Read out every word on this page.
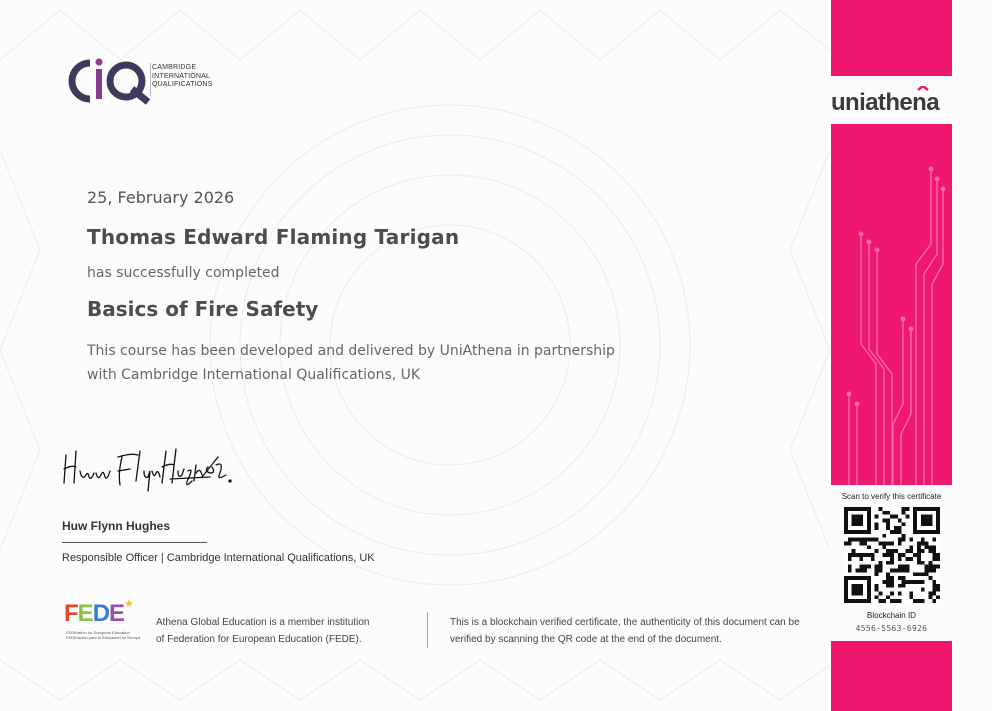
CAMBRIDGE
INTERNATIONAL
QUALIFICATIONS
25, February 2026
Thomas Edward Flaming Tarigan
has successfully completed
Basics of Fire Safety
This course has been developed and delivered by UniAthena in partnership
with Cambridge International Qualifications, UK
Huw Flynn Hughes
Responsible Officer | Cambridge International Qualifications, UK
FEDE ★
FEDEration for European Education
FEDEración para la Educación en Europa
Athena Global Education is a member institution
of Federation for European Education (FEDE).
This is a blockchain verified certificate, the authenticity of this document can be
verified by scanning the QR code at the end of the document.
uniathena
Scan to verify this certificate
Blockchain ID
4556-5563-6926
